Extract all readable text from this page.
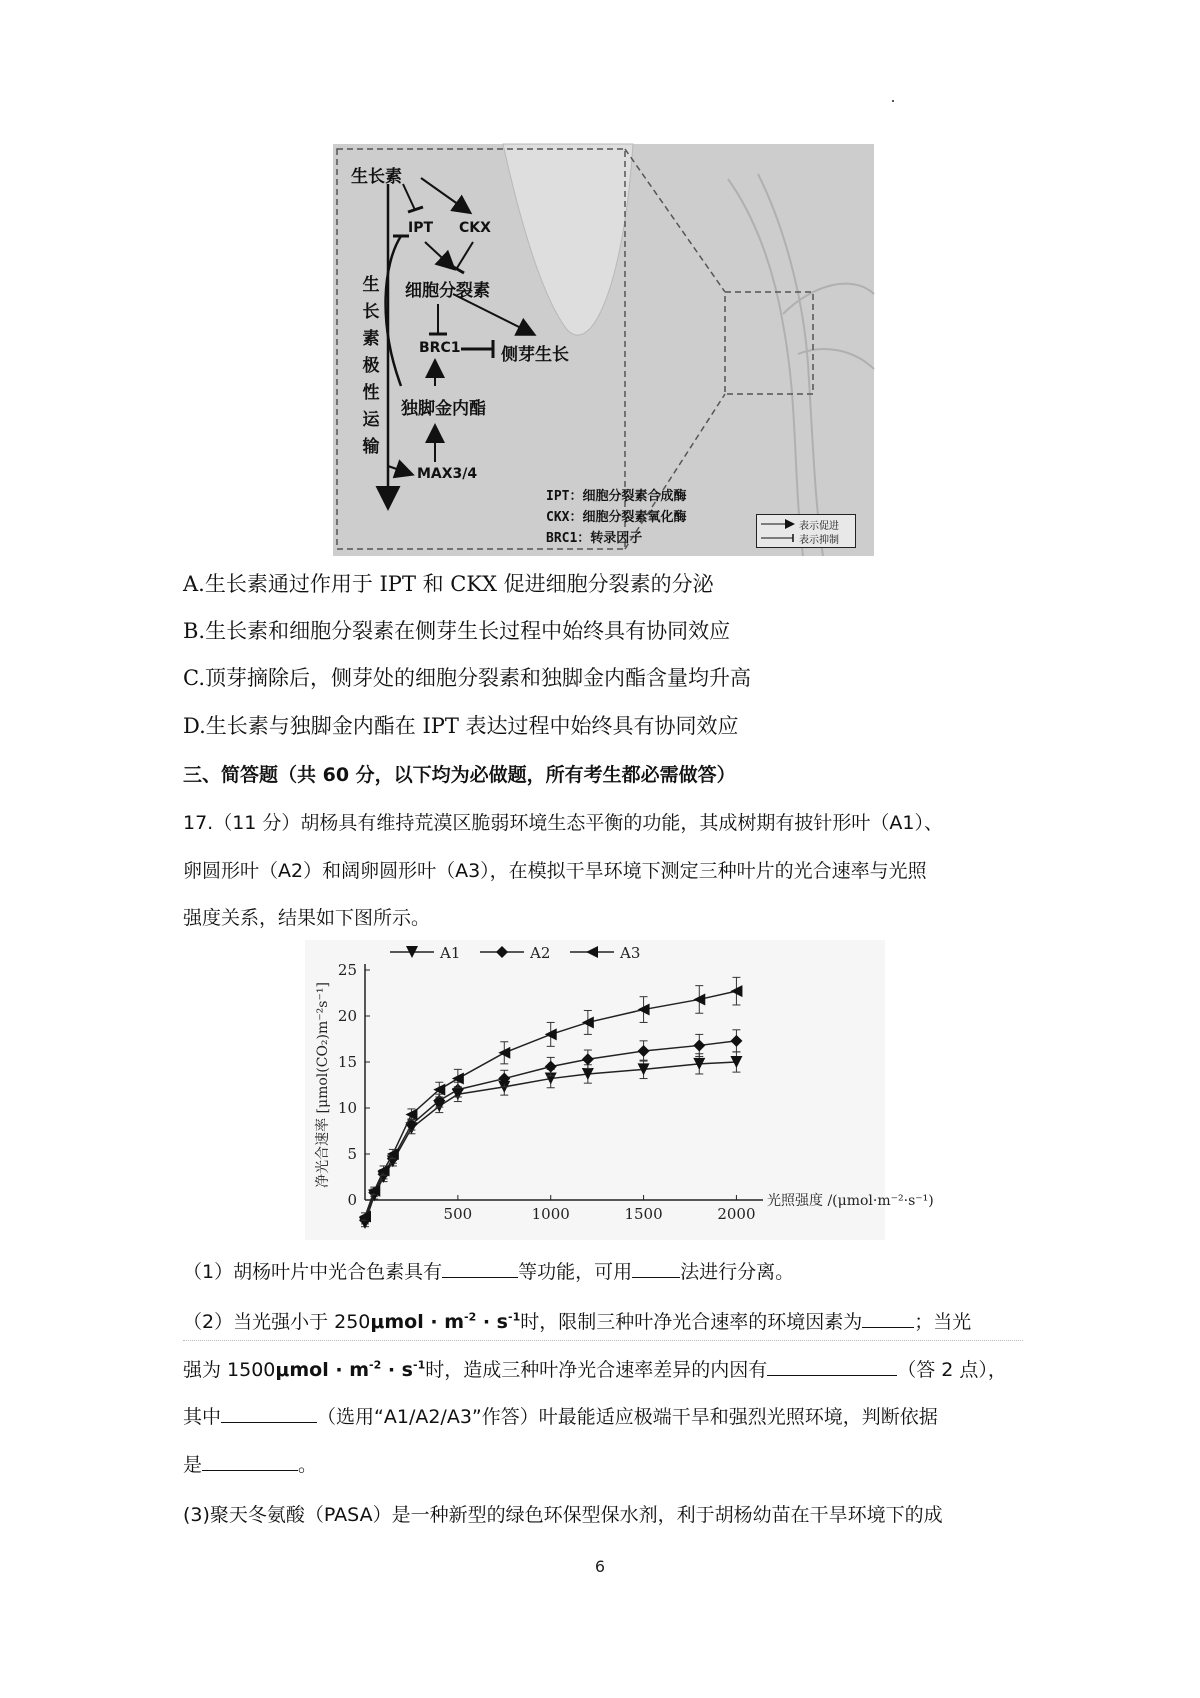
生长素
IPT CKX
细胞分裂素
BRC1 侧芽生长
独脚金内酯
MAX3/4
生
长
素
极
性
运
输
IPT：细胞分裂素合成酶
CKX：细胞分裂素氧化酶
BRC1：转录因子
表示促进
表示抑制
A.生长素通过作用于 IPT 和 CKX 促进细胞分裂素的分泌
B.生长素和细胞分裂素在侧芽生长过程中始终具有协同效应
C.顶芽摘除后，侧芽处的细胞分裂素和独脚金内酯含量均升高
D.生长素与独脚金内酯在 IPT 表达过程中始终具有协同效应
三、简答题（共 60 分，以下均为必做题，所有考生都必需做答）
17.（11 分）胡杨具有维持荒漠区脆弱环境生态平衡的功能，其成树期有披针形叶（A1）、
卵圆形叶（A2）和阔卵圆形叶（A3），在模拟干旱环境下测定三种叶片的光合速率与光照
强度关系，结果如下图所示。
0
5
10
15
20
25
500	1000	1500	2000
净光合速率 [μmol(CO₂)m⁻²s⁻¹]
光照强度 /(μmol·m⁻²·s⁻¹)
A1	A2	A3
（1）胡杨叶片中光合色素具有	等功能，可用	法进行分离。
（2）当光强小于 $250\mu mol \cdot m^{-2} \cdot s^{-1}$时，限制三种叶净光合速率的环境因素为	；当光
强为 $1500\mu mol \cdot m^{-2} \cdot s^{-1}$时，造成三种叶净光合速率差异的内因有	（答 2 点），
其中	（选用“A1/A2/A3”作答）叶最能适应极端干旱和强烈光照环境，判断依据
是	。
(3)聚天冬氨酸（PASA）是一种新型的绿色环保型保水剂，利于胡杨幼苗在干旱环境下的成
6
